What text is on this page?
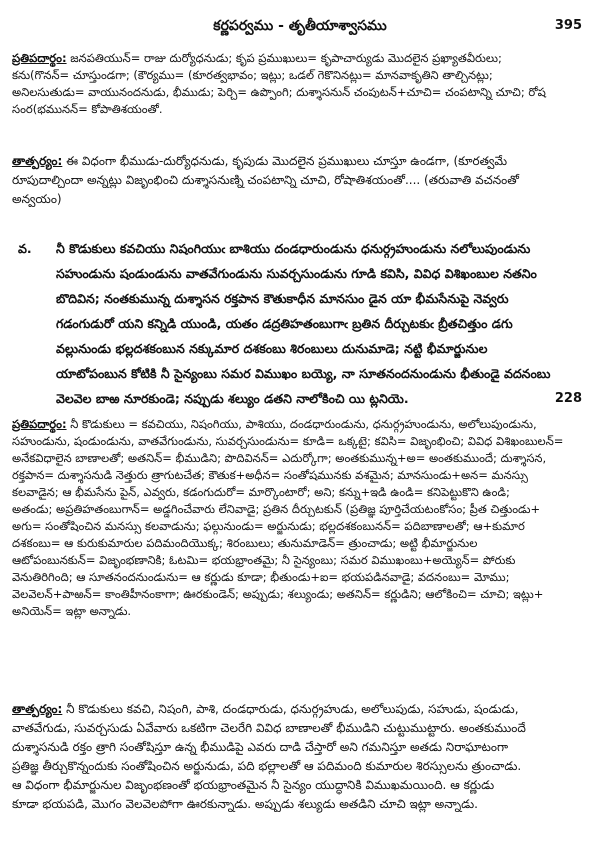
కర్ణపర్వము - తృతీయాశ్వాసము	395
ప్రతిపదార్థం: జనపతియున్= రాజు దుర్యోధనుడు; కృప ప్రముఖులు= కృపాచార్యుడు మొదలైన ప్రఖ్యాతవీరులు;
కను(గొనన్= చూస్తుండగా; (కౌర్యము= (కూరత్వభావం; ఇట్లు; ఒడల్ గెకొనినట్లు= మానవాకృతిని తాల్చినట్లు;
అనిలసుతుడు= వాయునందనుడు, భీముడు; పెర్చి= ఉప్పొంగి; దుశ్శాసనున్ చంపుటన్+చూచి= చంపటాన్ని చూచి; రోష
సంర(భమునన్= కోపాతిశయంతో.
తాత్పర్యం: ఈ విధంగా భీముడు-దుర్యోధనుడు, కృపుడు మొదలైన ప్రముఖులు చూస్తూ ఉండగా, (కూరత్వమే
రూపుదాల్చిందా అన్నట్లు విజృంభించి దుశ్శాసనుణ్ని చంపటాన్ని చూచి, రోషాతిశయంతో.... (తరువాతి వచనంతో
అన్వయం)
వ. నీ కొడుకులు కవచియు నిషంగియుఁ బాశియు దండధారుండును ధనుర్గ్రహుండును నలోలుపుండును
సహుండును షండుండును వాతవేగుండును సువర్చసుండును గూడి కవిసి, వివిధ విశిఖంబుల నతనిం
బొదివిన; నంతకుమున్న దుశ్శాసన రక్తపాన కౌతుకాధీన మానసుం డైన యా భీమసేనుపై నెవ్వరు
గడంగుడురో యని కన్నిడి యుండి, యతం డద్రతిహతంబుగాఁ బ్రతిన దీర్చుటకుఁ బ్రీతచిత్తుం డగు
వల్లునుండు భల్లదశకంబున నక్కుమార దశకంబు శిరంబులు దునుమాడె; నట్టి భీమార్జునుల
యాటోపంబున కోటికి నీ సైన్యంబు సమర విముఖం బయ్యె, నా సూతనందనుండును భీతుండై వదనంబు
వెలవెల బాఱ నూరకుండె; నప్పుడు శల్యుం డతని నాలోకించి యి ట్లనియె.	228
ప్రతిపదార్థం: నీ కొడుకులు = కవచియు, నిషంగియు, పాశియు, దండధారుండును, ధనుర్గ్రహుండును, అలోలుపుండును,
సహుండును, షండుండును, వాతవేగుండును, సువర్చసుండును= కూడి= ఒక్కటై; కవిసి= విజృంభించి; వివిధ విశిఖంబులన్=
అనేకవిధాలైన బాణాలతో; అతనిన్= భీముడిని; పొదివినన్= ఎదుర్కోగా; అంతకుమున్న+అ= అంతకుముందే; దుశ్శాసన,
రక్తపాన= దుశ్శాసనుడి నెత్తురు త్రాగుటచేత; కౌతుక+అధీన= సంతోషమునకు వశమైన; మానసుండు+అన= మనస్సు
కలవాడైన; ఆ భీమసేను పైన్, ఎవ్వరు, కడంగుదురో= మార్కొంటారో; అని; కన్ను+ఇడి ఉండి= కనిపెట్టుకొని ఉండి;
అతండు; అప్రతిహతంబుగాన్= అడ్డగించేవారు లేనివాడై; ప్రతిన దీర్చుటకున్ (ప్రతిజ్ఞ పూర్తిచేయటంకోసం; ప్రీత చిత్తుండు+
అగు= సంతోషించిన మనస్సు కలవాడును; ఫల్గునుండు= అర్జునుడు; భల్లదశకంబునన్= పదిబాణాలతో; ఆ+కుమార
దశకంబు= ఆ కురుకుమారుల పదిమందియొక్క; శిరంబులు; తునుమాడెన్= త్రుంచాడు; అట్టి భీమార్జునుల
ఆటోపంబునకున్= విజృంభణానికి; ఓటమి= భయభ్రాంతమై; నీ సైన్యంబు; సమర విముఖంబు+అయ్యెన్= పోరుకు
వెనుతిరిగింది; ఆ సూతనందనుండును= ఆ కర్ణుడు కూడా; భీతుండు+ఐ= భయపడినవాడై; వదనంబు= మోము;
వెలవెలన్+పాఱన్= కాంతిహీనంకాగా; ఊరకుండెన్; అప్పుడు; శల్యుండు; అతనిన్= కర్ణుడిని; ఆలోకించి= చూచి; ఇట్లు+
అనియెన్= ఇట్లా అన్నాడు.
తాత్పర్యం: నీ కొడుకులు కవచి, నిషంగి, పాశి, దండధారుడు, ధనుర్గ్రహుడు, అలోలుపుడు, సహుడు, షండుడు,
వాతవేగుడు, సువర్చసుడు ఏవేవారు ఒకటిగా చెలరేగి వివిధ బాణాలతో భీముడిని చుట్టుముట్టారు. అంతకుముందే
దుశ్శాసనుడి రక్తం త్రాగి సంతోషిస్తూ ఉన్న భీముడిపై ఎవరు దాడి చేస్తారో అని గమనిస్తూ అతడు నిరాఘాటంగా
ప్రతిజ్ఞ తీర్చుకొన్నందుకు సంతోషించిన అర్జునుడు, పది భల్లాలతో ఆ పదిమంది కుమారుల శిరస్సులను త్రుంచాడు.
ఆ విధంగా భీమార్జునుల విజృంభణంతో భయభ్రాంతమైన నీ సైన్యం యుద్ధానికి విముఖమయింది. ఆ కర్ణుడు
కూడా భయపడి, మొగం వెలవెలపోగా ఊరకున్నాడు. అప్పుడు శల్యుడు అతడిని చూచి ఇట్లా అన్నాడు.
